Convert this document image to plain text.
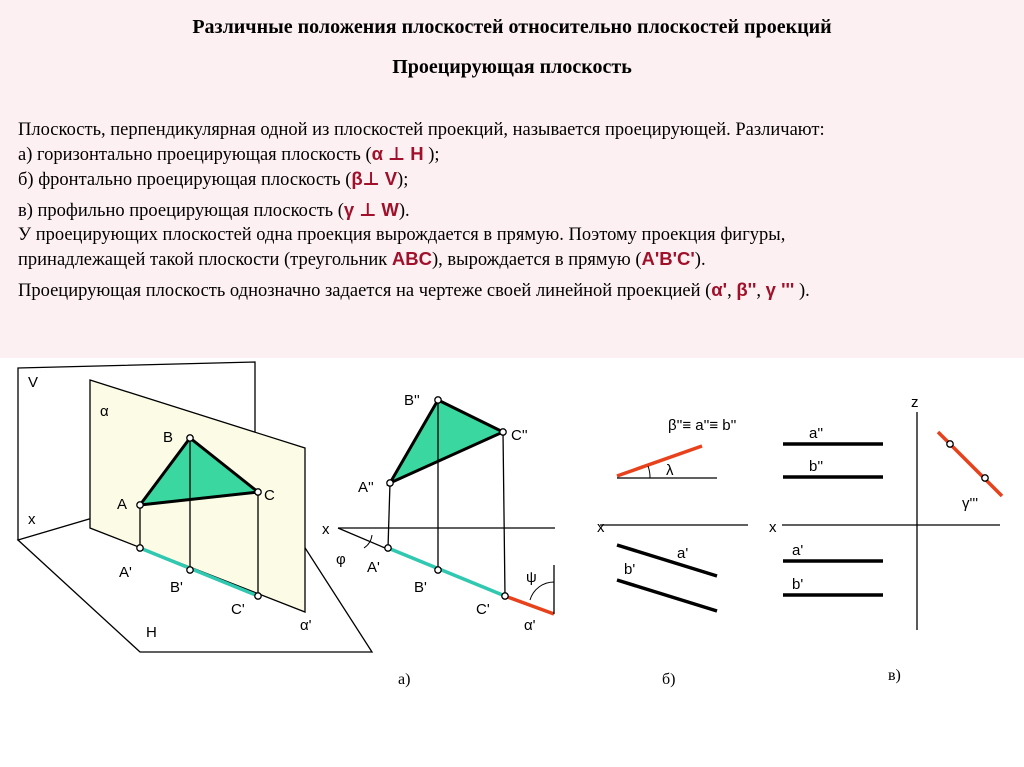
Различные положения плоскостей относительно плоскостей проекций
Проецирующая плоскость

Плоскость, перпендикулярная одной из плоскостей проекций, называется проецирующей. Различают:

а) горизонтально проецирующая плоскость (α ⊥ Н );

б) фронтально проецирующая плоскость (β⊥ V);

в) профильно проецирующая плоскость (γ ⊥ W).

У проецирующих плоскостей одна проекция вырождается в прямую. Поэтому проекция фигуры,

принадлежащей такой плоскости (треугольник ABC), вырождается в прямую (A'B'C').

Проецирующая плоскость однозначно задается на чертеже своей линейной проекцией (α', β'', γ ''' ).

V
α
x
B
A
C
A'
B'
C'
H	α'
x
φ
B''
A''
C''
A'
B'
C'
ψ
α'
а)
β''≡ a''≡ b''
λ
x
a'
b'
б)
z
x
a''
b''
a'
b'
γ'''
в)
